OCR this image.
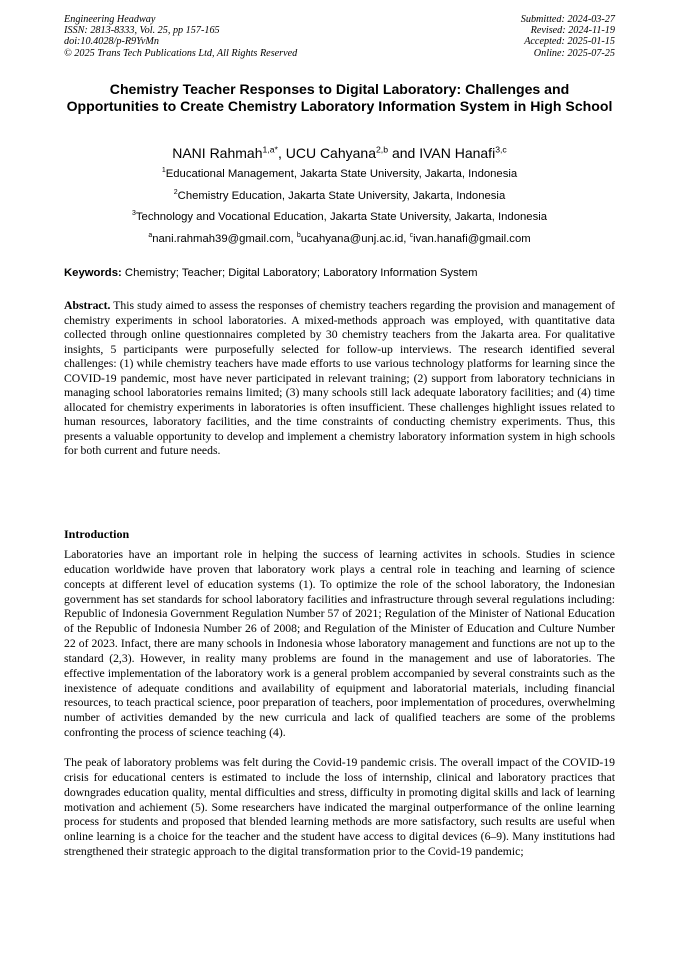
Engineering Headway
ISSN: 2813-8333, Vol. 25, pp 157-165
doi:10.4028/p-R9YvMn
© 2025 Trans Tech Publications Ltd, All Rights Reserved
Submitted: 2024-03-27
Revised: 2024-11-19
Accepted: 2025-01-15
Online: 2025-07-25
Chemistry Teacher Responses to Digital Laboratory: Challenges and Opportunities to Create Chemistry Laboratory Information System in High School
NANI Rahmah$^{1,a*}$, UCU Cahyana$^{2,b}$ and IVAN Hanafi$^{3,c}$
$^1$Educational Management, Jakarta State University, Jakarta, Indonesia
$^2$Chemistry Education, Jakarta State University, Jakarta, Indonesia
$^3$Technology and Vocational Education, Jakarta State University, Jakarta, Indonesia
$^a$nani.rahmah39@gmail.com, $^b$ucahyana@unj.ac.id, $^c$ivan.hanafi@gmail.com
Keywords: Chemistry; Teacher; Digital Laboratory; Laboratory Information System

Abstract. This study aimed to assess the responses of chemistry teachers regarding the provision and management of chemistry experiments in school laboratories. A mixed-methods approach was employed, with quantitative data collected through online questionnaires completed by 30 chemistry teachers from the Jakarta area. For qualitative insights, 5 participants were purposefully selected for follow-up interviews. The research identified several challenges: (1) while chemistry teachers have made efforts to use various technology platforms for learning since the COVID-19 pandemic, most have never participated in relevant training; (2) support from laboratory technicians in managing school laboratories remains limited; (3) many schools still lack adequate laboratory facilities; and (4) time allocated for chemistry experiments in laboratories is often insufficient. These challenges highlight issues related to human resources, laboratory facilities, and the time constraints of conducting chemistry experiments. Thus, this presents a valuable opportunity to develop and implement a chemistry laboratory information system in high schools for both current and future needs.

Introduction

Laboratories have an important role in helping the success of learning activites in schools. Studies in science education worldwide have proven that laboratory work plays a central role in teaching and learning of science concepts at different level of education systems (1). To optimize the role of the school laboratory, the Indonesian government has set standards for school laboratory facilities and infrastructure through several regulations including: Republic of Indonesia Government Regulation Number 57 of 2021; Regulation of the Minister of National Education of the Republic of Indonesia Number 26 of 2008; and Regulation of the Minister of Education and Culture Number 22 of 2023. Infact, there are many schools in Indonesia whose laboratory management and functions are not up to the standard (2,3). However, in reality many problems are found in the management and use of laboratories. The effective implementation of the laboratory work is a general problem accompanied by several constraints such as the inexistence of adequate conditions and availability of equipment and laboratorial materials, including financial resources, to teach practical science, poor preparation of teachers, poor implementation of procedures, overwhelming number of activities demanded by the new curricula and lack of qualified teachers are some of the problems confronting the process of science teaching (4).

The peak of laboratory problems was felt during the Covid-19 pandemic crisis. The overall impact of the COVID-19 crisis for educational centers is estimated to include the loss of internship, clinical and laboratory practices that downgrades education quality, mental difficulties and stress, difficulty in promoting digital skills and lack of learning motivation and achiement (5). Some researchers have indicated the marginal outperformance of the online learning process for students and proposed that blended learning methods are more satisfactory, such results are useful when online learning is a choice for the teacher and the student have access to digital devices (6–9). Many institutions had strengthened their strategic approach to the digital transformation prior to the Covid-19 pandemic;
